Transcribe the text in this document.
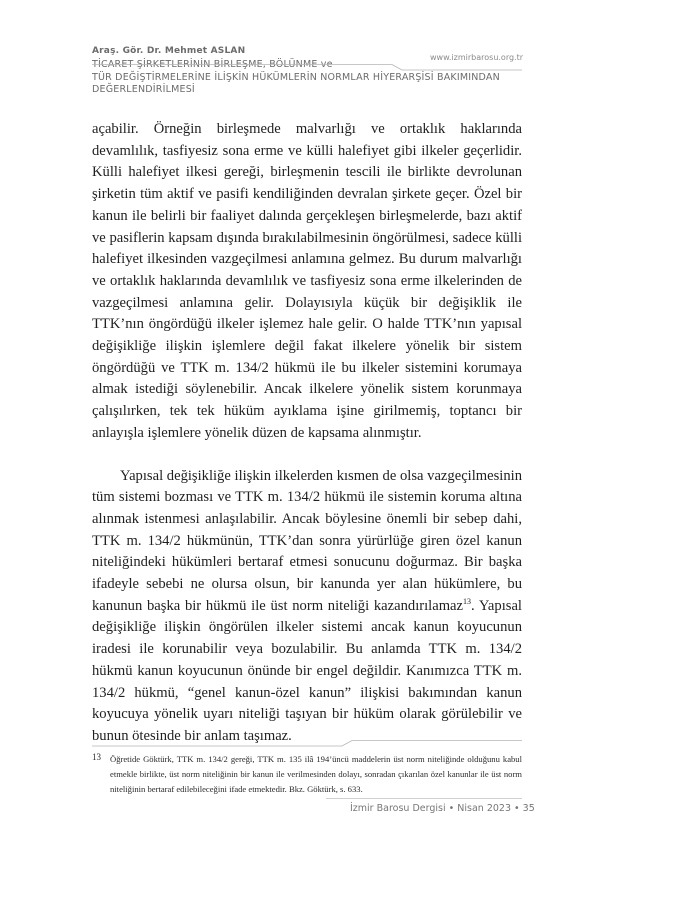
Araş. Gör. Dr. Mehmet ASLAN
TİCARET ŞİRKETLERİNİN BİRLEŞME, BÖLÜNME ve
TÜR DEĞİŞTİRMELERİNE İLİŞKİN HÜKÜMLERİN NORMLAR HİYERARŞİSİ BAKIMINDAN
DEĞERLENDİRİLMESİ
www.izmirbarosu.org.tr

açabilir. Örneğin birleşmede malvarlığı ve ortaklık haklarında devamlılık, tasfiyesiz sona erme ve külli halefiyet gibi ilkeler geçerlidir. Külli halefiyet ilkesi gereği, birleşmenin tescili ile birlikte devrolunan şirketin tüm aktif ve pasifi kendiliğinden devralan şirkete geçer. Özel bir kanun ile belirli bir faaliyet dalında gerçekleşen birleşmelerde, bazı aktif ve pasiflerin kapsam dışında bırakılabilmesinin öngörülmesi, sadece külli halefiyet ilkesinden vazgeçilmesi anlamına gelmez. Bu durum malvarlığı ve ortaklık haklarında devamlılık ve tasfiyesiz sona erme ilkelerinden de vazgeçilmesi anlamına gelir. Dolayısıyla küçük bir değişiklik ile TTK’nın öngördüğü ilkeler işlemez hale gelir. O halde TTK’nın yapısal değişikliğe ilişkin işlemlere değil fakat ilkelere yönelik bir sistem öngördüğü ve TTK m. 134/2 hükmü ile bu ilkeler sistemini korumaya almak istediği söylenebilir. Ancak ilkelere yönelik sistem korunmaya çalışılırken, tek tek hüküm ayıklama işine girilmemiş, toptancı bir anlayışla işlemlere yönelik düzen de kapsama alınmıştır.

Yapısal değişikliğe ilişkin ilkelerden kısmen de olsa vazgeçilmesinin tüm sistemi bozması ve TTK m. 134/2 hükmü ile sistemin koruma altına alınmak istenmesi anlaşılabilir. Ancak böylesine önemli bir sebep dahi, TTK m. 134/2 hükmünün, TTK’dan sonra yürürlüğe giren özel kanun niteliğindeki hükümleri bertaraf etmesi sonucunu doğurmaz. Bir başka ifadeyle sebebi ne olursa olsun, bir kanunda yer alan hükümlere, bu kanunun başka bir hükmü ile üst norm niteliği kazandırılamaz$^{13}$. Yapısal değişikliğe ilişkin öngörülen ilkeler sistemi ancak kanun koyucunun iradesi ile korunabilir veya bozulabilir. Bu anlamda TTK m. 134/2 hükmü kanun koyucunun önünde bir engel değildir. Kanımızca TTK m. 134/2 hükmü, “genel kanun-özel kanun” ilişkisi bakımından kanun koyucuya yönelik uyarı niteliği taşıyan bir hüküm olarak görülebilir ve bunun ötesinde bir anlam taşımaz.

13	Öğretide Göktürk, TTK m. 134/2 gereği, TTK m. 135 ilâ 194’üncü maddelerin üst norm niteliğinde olduğunu kabul etmekle birlikte, üst norm niteliğinin bir kanun ile verilmesinden dolayı, sonradan çıkarılan özel kanunlar ile üst norm niteliğinin bertaraf edilebileceğini ifade etmektedir. Bkz. Göktürk, s. 633.
İzmir Barosu Dergisi • Nisan 2023 • 35
